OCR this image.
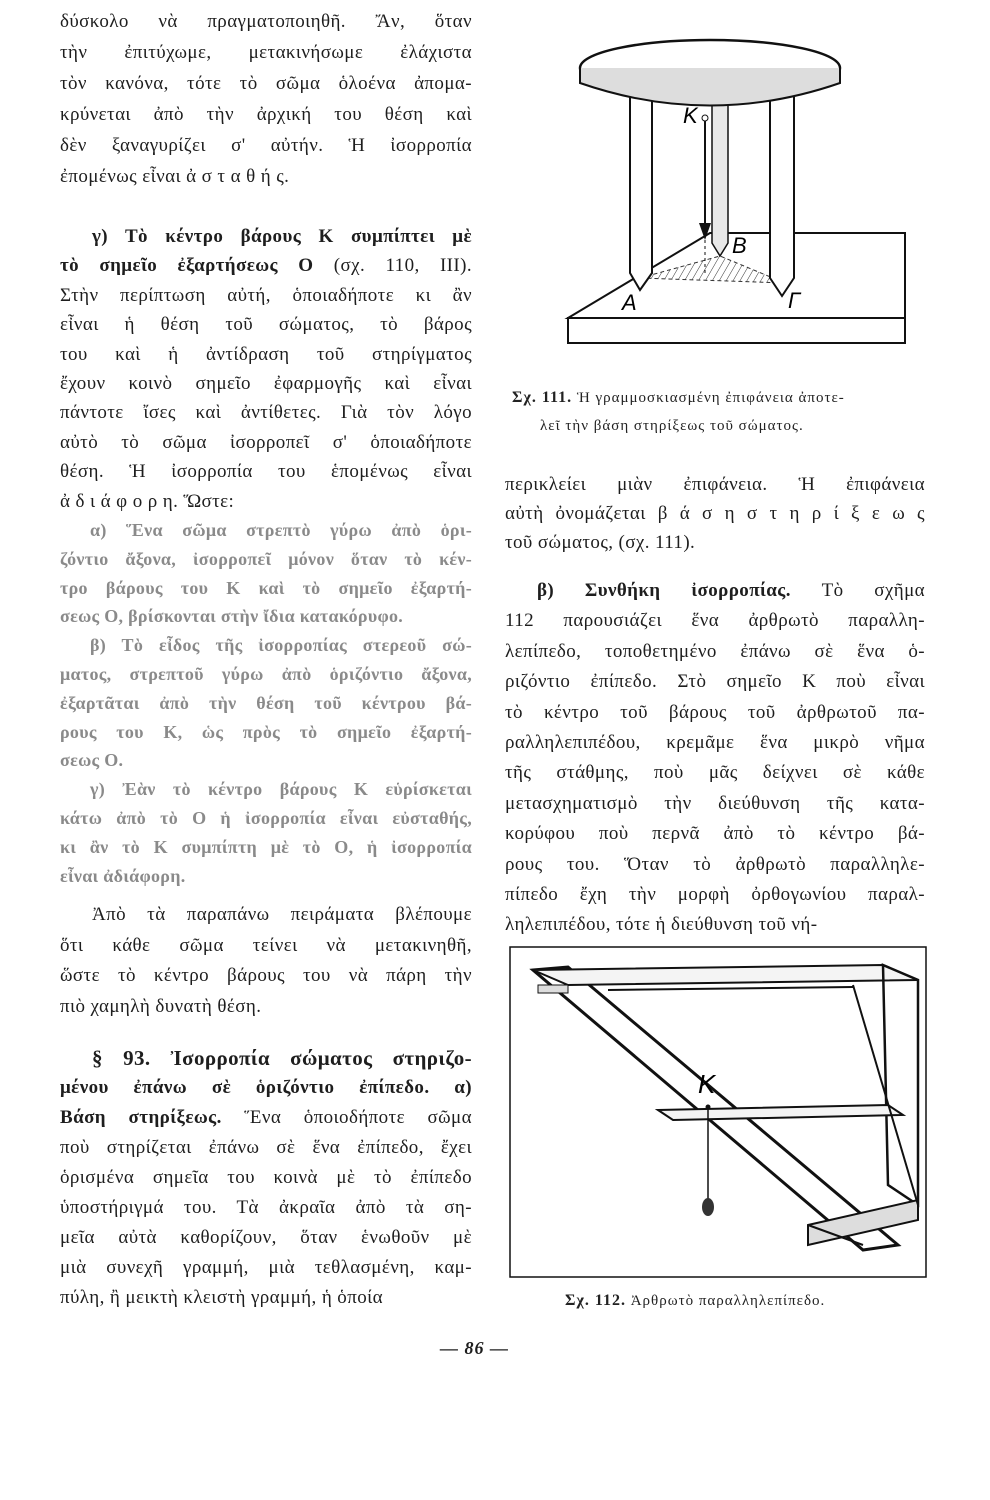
δύσκολο νὰ πραγματοποιηθῆ. Ἄν, ὅταν
τὴν ἐπιτύχωμε, μετακινήσωμε ἐλάχιστα
τὸν κανόνα, τότε τὸ σῶμα ὁλοένα ἀπομα-
κρύνεται ἀπὸ τὴν ἀρχική του θέση καὶ
δὲν ξαναγυρίζει σ' αὐτήν. Ἡ ἰσορροπία
ἐπομένως εἶναι ἀ σ τ α θ ή ς.
γ) Τὸ κέντρο βάρους Κ συμπίπτει μὲ
τὸ σημεῖο ἐξαρτήσεως Ο (σχ. 110, ΙΙΙ).
Στὴν περίπτωση αὐτή, ὁποιαδήποτε κι ἂν
εἶναι ἡ θέση τοῦ σώματος, τὸ βάρος
του καὶ ἡ ἀντίδραση τοῦ στηρίγματος
ἔχουν κοινὸ σημεῖο ἐφαρμογῆς καὶ εἶναι
πάντοτε ἴσες καὶ ἀντίθετες. Γιὰ τὸν λόγο
αὐτὸ τὸ σῶμα ἰσορροπεῖ σ' ὁποιαδήποτε
θέση. Ἡ ἰσορροπία του ἑπομένως εἶναι
ἀ δ ι ά φ ο ρ η. Ὥστε:
α) Ἕνα σῶμα στρεπτὸ γύρω ἀπὸ ὁρι-
ζόντιο ἄξονα, ἰσορροπεῖ μόνον ὅταν τὸ κέν-
τρο βάρους του Κ καὶ τὸ σημεῖο ἐξαρτή-
σεως Ο, βρίσκονται στὴν ἴδια κατακόρυφο.
β) Τὸ εἶδος τῆς ἰσορροπίας στερεοῦ σώ-
ματος, στρεπτοῦ γύρω ἀπὸ ὁριζόντιο ἄξονα,
ἐξαρτᾶται ἀπὸ τὴν θέση τοῦ κέντρου βά-
ρους του Κ, ὡς πρὸς τὸ σημεῖο ἐξαρτή-
σεως Ο.
γ) Ἐὰν τὸ κέντρο βάρους Κ εὑρίσκεται
κάτω ἀπὸ τὸ Ο ἡ ἰσορροπία εἶναι εὐσταθής,
κι ἂν τὸ Κ συμπίπτη μὲ τὸ Ο, ἡ ἰσορροπία
εἶναι ἀδιάφορη.
Ἀπὸ τὰ παραπάνω πειράματα βλέπουμε
ὅτι κάθε σῶμα τείνει νὰ μετακινηθῆ,
ὥστε τὸ κέντρο βάρους του νὰ πάρη τὴν
πιὸ χαμηλὴ δυνατὴ θέση.
§ 93. Ἰσορροπία σώματος στηριζο-
μένου ἐπάνω σὲ ὁριζόντιο ἐπίπεδο. α)
Βάση στηρίξεως. Ἕνα ὁποιοδήποτε σῶμα
ποὺ στηρίζεται ἐπάνω σὲ ἕνα ἐπίπεδο, ἔχει
ὁρισμένα σημεῖα του κοινὰ μὲ τὸ ἐπίπεδο
ὑποστήριγμά του. Τὰ ἀκραῖα ἀπὸ τὰ ση-
μεῖα αὐτὰ καθορίζουν, ὅταν ἑνωθοῦν μὲ
μιὰ συνεχῆ γραμμή, μιὰ τεθλασμένη, καμ-
πύλη, ἢ μεικτὴ κλειστὴ γραμμή, ἡ ὁποία
περικλείει μιὰν ἐπιφάνεια. Ἡ ἐπιφάνεια
αὐτὴ ὀνομάζεται β ά σ η σ τ η ρ ί ξ ε ω ς
τοῦ σώματος, (σχ. 111).
β) Συνθήκη ἰσορροπίας. Τὸ σχῆμα
112 παρουσιάζει ἕνα ἀρθρωτὸ παραλλη-
λεπίπεδο, τοποθετημένο ἐπάνω σὲ ἕνα ὁ-
ριζόντιο ἐπίπεδο. Στὸ σημεῖο Κ ποὺ εἶναι
τὸ κέντρο τοῦ βάρους τοῦ ἀρθρωτοῦ πα-
ραλληλεπιπέδου, κρεμᾶμε ἕνα μικρὸ νῆμα
τῆς στάθμης, ποὺ μᾶς δείχνει σὲ κάθε
μετασχηματισμὸ τὴν διεύθυνση τῆς κατα-
κορύφου ποὺ περνᾶ ἀπὸ τὸ κέντρο βά-
ρους του. Ὅταν τὸ ἀρθρωτὸ παραλληλε-
πίπεδο ἔχη τὴν μορφὴ ὀρθογωνίου παραλ-
ληλεπιπέδου, τότε ἡ διεύθυνση τοῦ νή-
K
B
A	Γ
Σχ. 111. Ἡ γραμμοσκιασμένη ἐπιφάνεια ἀποτε-
λεῖ τὴν βάση στηρίξεως τοῦ σώματος.
K
Σχ. 112. Ἀρθρωτὸ παραλληλεπίπεδο.
— 86 —
